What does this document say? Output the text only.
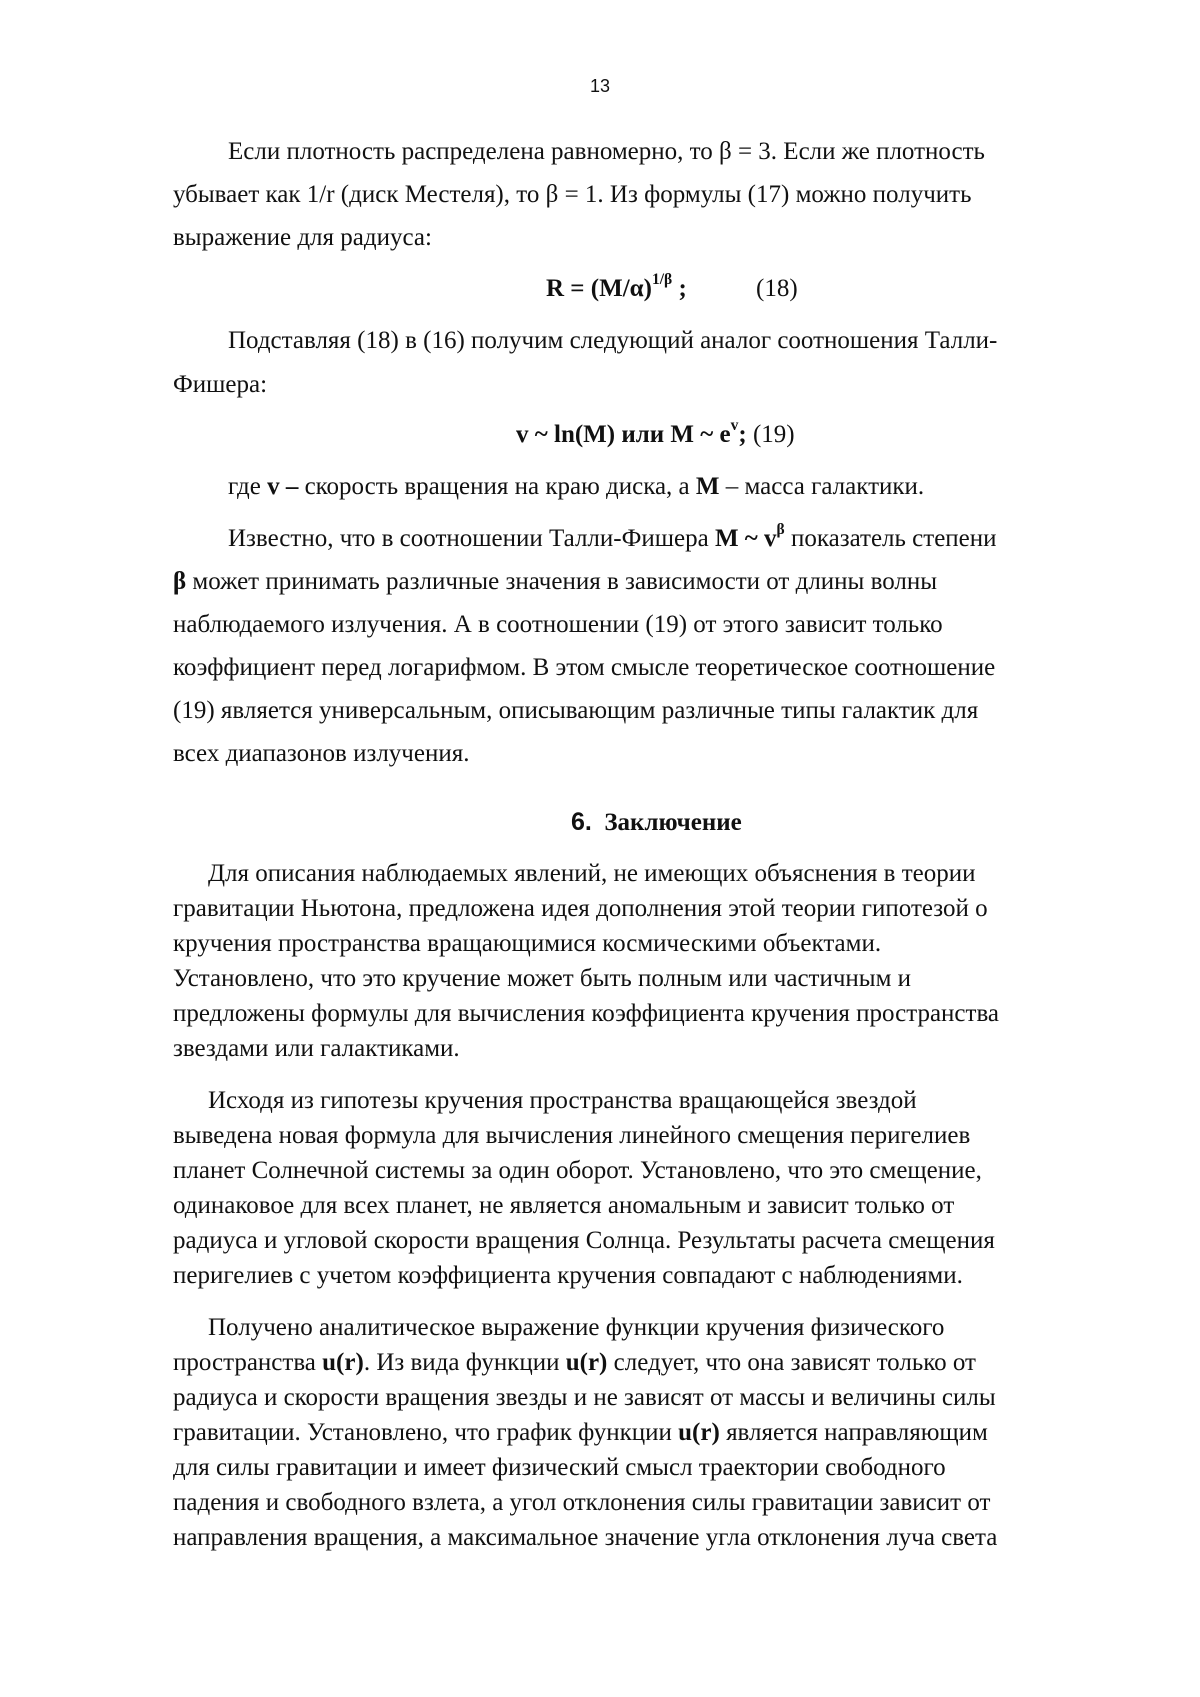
13
Если плотность распределена равномерно, то β = 3. Если же плотность
убывает как 1/r (диск Местеля), то β = 1. Из формулы (17) можно получить
выражение для радиуса:
R = (M/α)1/β ;	(18)
Подставляя (18) в (16) получим следующий аналог соотношения Талли-
Фишера:
v ~ ln(M) или M ~ ev; (19)
где v – скорость вращения на краю диска, а M – масса галактики.
Известно, что в соотношении Талли-Фишера M ~ vβ показатель степени
β может принимать различные значения в зависимости от длины волны
наблюдаемого излучения. А в соотношении (19) от этого зависит только
коэффициент перед логарифмом. В этом смысле теоретическое соотношение
(19) является универсальным, описывающим различные типы галактик для
всех диапазонов излучения.
6. Заключение
Для описания наблюдаемых явлений, не имеющих объяснения в теории
гравитации Ньютона, предложена идея дополнения этой теории гипотезой о
кручения пространства вращающимися космическими объектами.
Установлено, что это кручение может быть полным или частичным и
предложены формулы для вычисления коэффициента кручения пространства
звездами или галактиками.
Исходя из гипотезы кручения пространства вращающейся звездой
выведена новая формула для вычисления линейного смещения перигелиев
планет Солнечной системы за один оборот. Установлено, что это смещение,
одинаковое для всех планет, не является аномальным и зависит только от
радиуса и угловой скорости вращения Солнца. Результаты расчета смещения
перигелиев с учетом коэффициента кручения совпадают с наблюдениями.
Получено аналитическое выражение функции кручения физического
пространства u(r). Из вида функции u(r) следует, что она зависят только от
радиуса и скорости вращения звезды и не зависят от массы и величины силы
гравитации. Установлено, что график функции u(r) является направляющим
для силы гравитации и имеет физический смысл траектории свободного
падения и свободного взлета, а угол отклонения силы гравитации зависит от
направления вращения, а максимальное значение угла отклонения луча света
